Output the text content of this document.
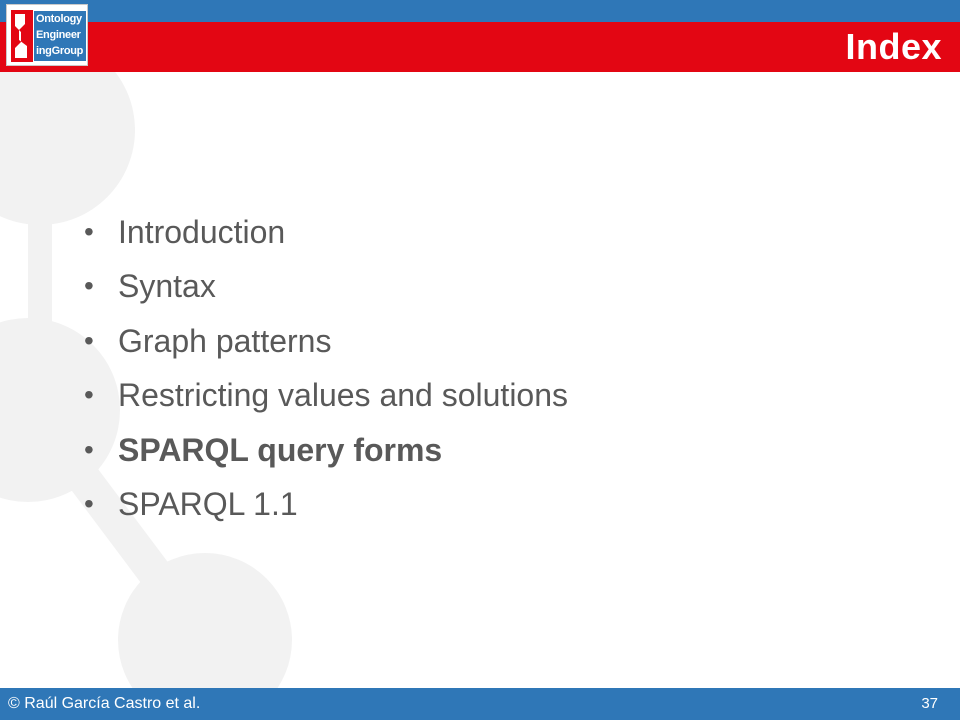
Index
Ontology
Engineer
ingGroup
• Introduction
• Syntax
• Graph patterns
• Restricting values and solutions
• SPARQL query forms
• SPARQL 1.1
© Raúl García Castro et al.	37
